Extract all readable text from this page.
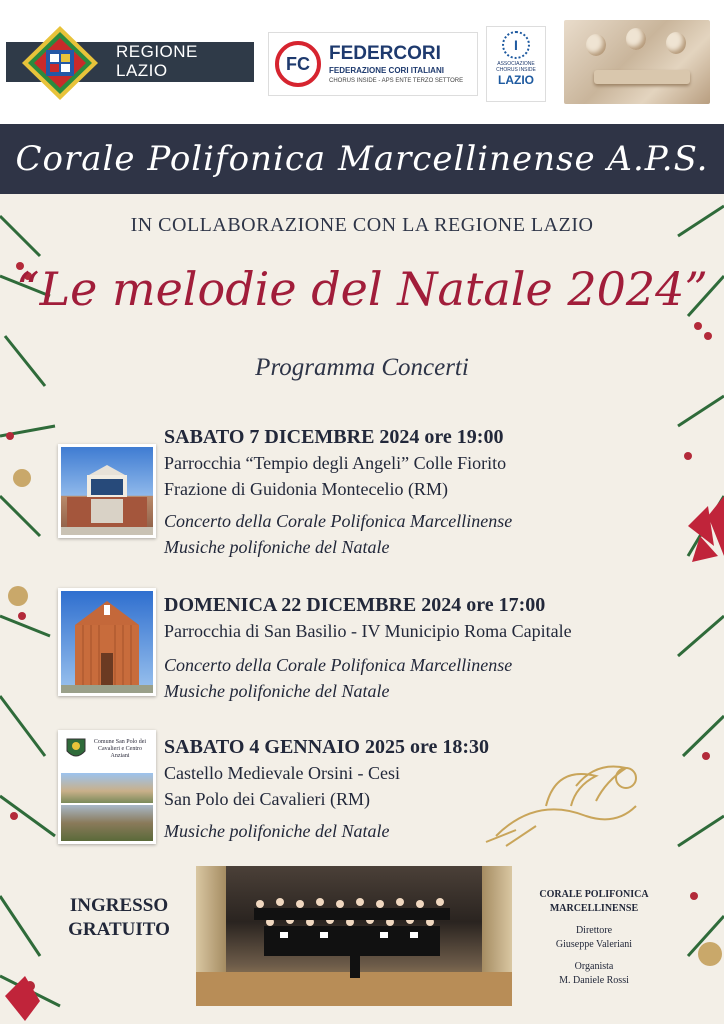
REGIONE
LAZIO	FC	FEDERCORI
FEDERAZIONE CORI ITALIANI
CHORUS INSIDE - APS ENTE TERZO SETTORE
I
ASSOCIAZIONE CHORUS INSIDE
LAZIO
Corale Polifonica Marcellinense A.P.S.
IN COLLABORAZIONE CON LA REGIONE LAZIO
“Le melodie del Natale 2024”
Programma Concerti
SABATO 7 DICEMBRE 2024 ore 19:00
Parrocchia “Tempio degli Angeli” Colle Fiorito
Frazione di Guidonia Montecelio (RM)
Concerto della Corale Polifonica Marcellinense
Musiche polifoniche del Natale
DOMENICA 22 DICEMBRE 2024 ore 17:00
Parrocchia di San Basilio - IV Municipio Roma Capitale
Concerto della Corale Polifonica Marcellinense
Musiche polifoniche del Natale
Comune San Polo dei Cavalieri e Centro Anziani	SABATO 4 GENNAIO 2025 ore 18:30
Castello Medievale Orsini - Cesi
San Polo dei Cavalieri (RM)
Musiche polifoniche del Natale
INGRESSO GRATUITO
CORALE POLIFONICA MARCELLINENSE
Direttore
Giuseppe Valeriani
Organista
M. Daniele Rossi
